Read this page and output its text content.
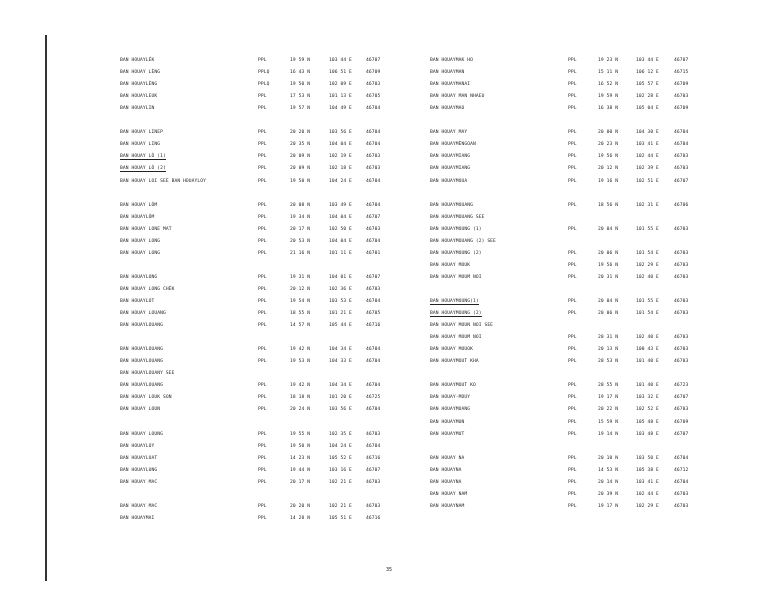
BAN HOUAYLÉK	PPL	19 59 N	103 44 E	46707
BAN HOUAY LÈNG	PPLQ	16 43 N	106 51 E	46709
BAN HOUAYLÈNG	PPLQ	19 50 N	102 09 E	46703
BAN HOUAYLEUK	PPL	17 53 N	101 13 E	46705
BAN HOUAYLIN	PPL	19 57 N	104 49 E	46704
BAN HOUAY LINEP	PPL	20 20 N	103 56 E	46704
BAN HOUAY LING	PPL	20 35 N	104 04 E	46704
BAN HOUAY LÔ (1)	PPL	20 09 N	102 19 E	46703
BAN HOUAY LÔ (2)	PPL	20 09 N	102 18 E	46703
BAN HOUAY LOI SEE BAN HOUAYLOY	PPL	19 50 N	104 24 E	46704
BAN HOUAY LÔM	PPL	20 08 N	103 49 E	46704
BAN HOUAYLÔM	PPL	19 34 N	104 04 E	46707
BAN HOUAY LONE MAT	PPL	20 17 N	102 50 E	46703
BAN HOUAY LONG	PPL	20 53 N	104 04 E	46704
BAN HOUAY LONG	PPL	21 16 N	101 11 E	46701
BAN HOUAYLONG	PPL	19 31 N	104 01 E	46707
BAN HOUAY LONG CHÈK	PPL	20 12 N	102 36 E	46703
BAN HOUAYLOT	PPL	19 54 N	103 53 E	46704
BAN HOUAY LOUANG	PPL	18 55 N	101 21 E	46705
BAN HOUAYLOUANG	PPL	14 57 N	105 44 E	46716
BAN HOUAYLOUANG	PPL	19 42 N	104 34 E	46704
BAN HOUAYLOUANG	PPL	19 53 N	104 33 E	46704
BAN HOUAYLOUANY SEE
BAN HOUAYLOUANG	PPL	19 42 N	104 34 E	46704
BAN HOUAY LOUK SON	PPL	18 18 N	101 20 E	46725
BAN HOUAY LOUN	PPL	20 24 N	103 56 E	46704
BAN HOUAY LOUNG	PPL	19 55 N	102 35 E	46703
BAN HOUAYLOY	PPL	19 50 N	104 24 E	46704
BAN HOUAYLUAT	PPL	14 23 N	105 52 E	46716
BAN HOUAYLUNG	PPL	19 44 N	103 16 E	46707
BAN HOUAY MAC	PPL	20 17 N	102 21 E	46703
BAN HOUAY MAC	PPL	20 20 N	102 21 E	46703
BAN HOUAYMAI	PPL	14 28 N	105 51 E	46716
BAN HOUAYMAK HO	PPL	19 23 N	103 44 E	46707
BAN HOUAYMAN	PPL	15 11 N	106 12 E	46715
BAN HOUAYMANAI	PPL	16 52 N	105 57 E	46709
BAN HOUAY MAN NHAEU	PPL	19 59 N	102 28 E	46703
BAN HOUAYMAO	PPL	16 38 N	105 04 E	46709
BAN HOUAY MAY	PPL	20 00 N	104 30 E	46704
BAN HOUAYMÈNGOAN	PPL	20 23 N	103 41 E	46704
BAN HOUAYMIANG	PPL	19 56 N	102 44 E	46703
BAN HOUAYMIANG	PPL	20 12 N	102 39 E	46703
BAN HOUAYMOUA	PPL	19 16 N	102 51 E	46707
BAN HOUAYMOUANG	PPL	18 56 N	102 31 E	46706
BAN HOUAYMOUANG SEE
BAN HOUAYMOUNG (1)	PPL	20 04 N	101 55 E	46703
BAN HOUAYMOUANG (2) SEE
BAN HOUAYMOUNG (2)	PPL	20 06 N	101 54 E	46703
BAN HOUAY MOUK	PPL	19 56 N	102 29 E	46703
BAN HOUAY MOUM NOI	PPL	20 31 N	102 40 E	46703
BAN HOUAYMOUNG(1)	PPL	20 04 N	101 55 E	46703
BAN HOUAYMOUNG (2)	PPL	20 06 N	101 54 E	46703
BAN HOUAY MOUN NOI SEE
BAN HOUAY MOUM NOI	PPL	20 31 N	102 40 E	46703
BAN HOUAY MOUOK	PPL	20 13 N	100 43 E	46703
BAN HOUAYMOUT KHA	PPL	20 53 N	101 40 E	46703
BAN HOUAYMOUT KO	PPL	20 55 N	101 40 E	46723
BAN HOUAY-MOUY	PPL	19 17 N	103 32 E	46707
BAN HOUAYMUANG	PPL	20 22 N	102 52 E	46703
BAN HOUAYMUN	PPL	15 59 N	105 48 E	46709
BAN HOUAYMUT	PPL	19 14 N	103 48 E	46707
BAN HOUAY NA	PPL	20 10 N	103 50 E	46704
BAN HOUAYNA	PPL	14 53 N	105 38 E	46712
BAN HOUAYNA	PPL	20 14 N	103 41 E	46704
BAN HOUAY NAM	PPL	20 39 N	102 44 E	46703
BAN HOUAYNAM	PPL	19 17 N	102 29 E	46703
35
